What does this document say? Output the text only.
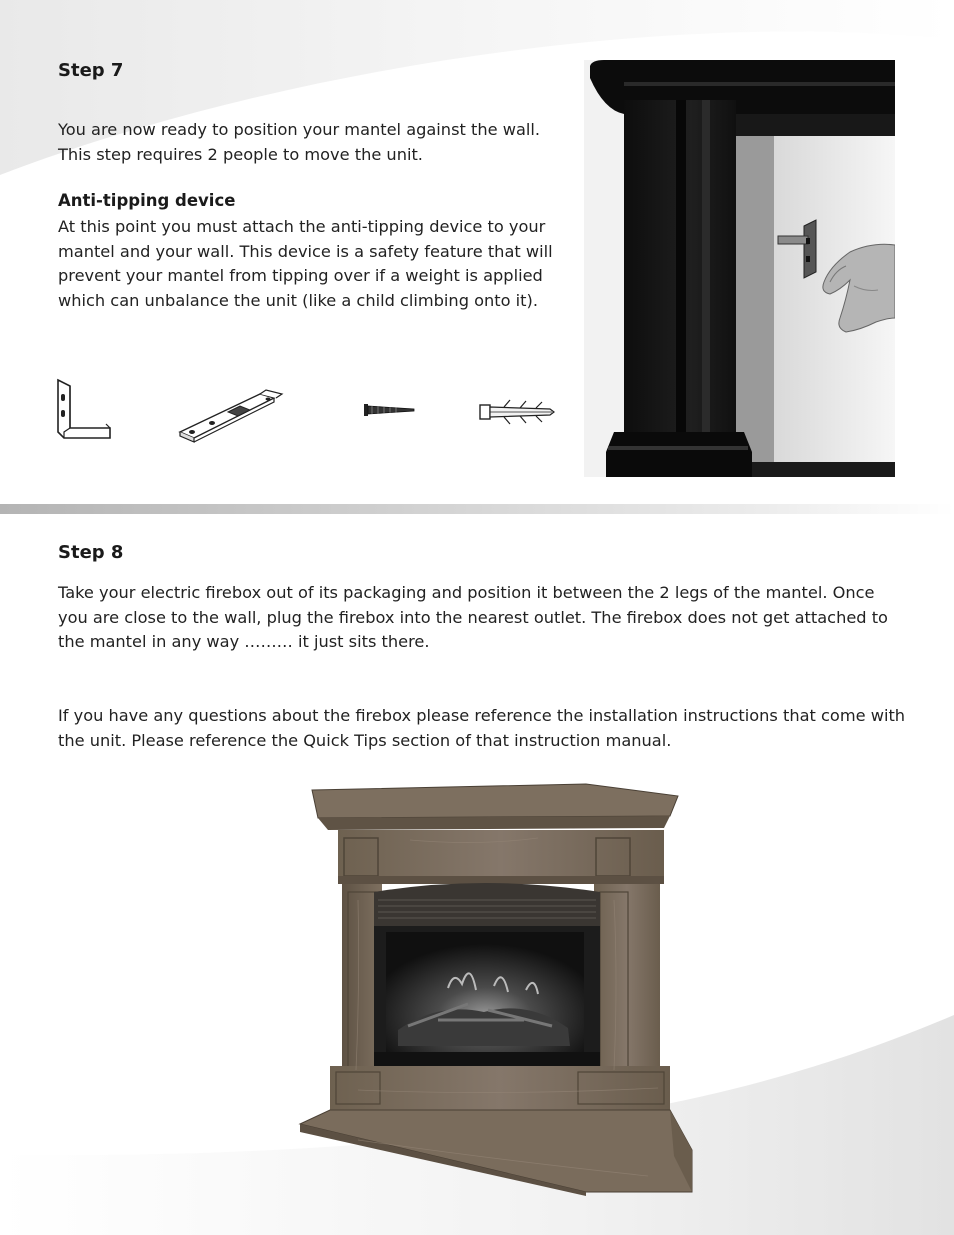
Step 7

You are now ready to position your mantel against the wall.
This step requires 2 people to move the unit.

Anti-tipping device

At this point you must attach the anti-tipping device to your
mantel and your wall. This device is a safety feature that will
prevent your mantel from tipping over if a weight is applied
which can unbalance the unit (like a child climbing onto it).

Step 8

Take your electric firebox out of its packaging and position it between the 2 legs of the mantel. Once
you are close to the wall, plug the firebox into the nearest outlet. The firebox does not get attached to
the mantel in any way ……… it just sits there.

If you have any questions about the firebox please reference the installation instructions that come with
the unit. Please reference the Quick Tips section of that instruction manual.
